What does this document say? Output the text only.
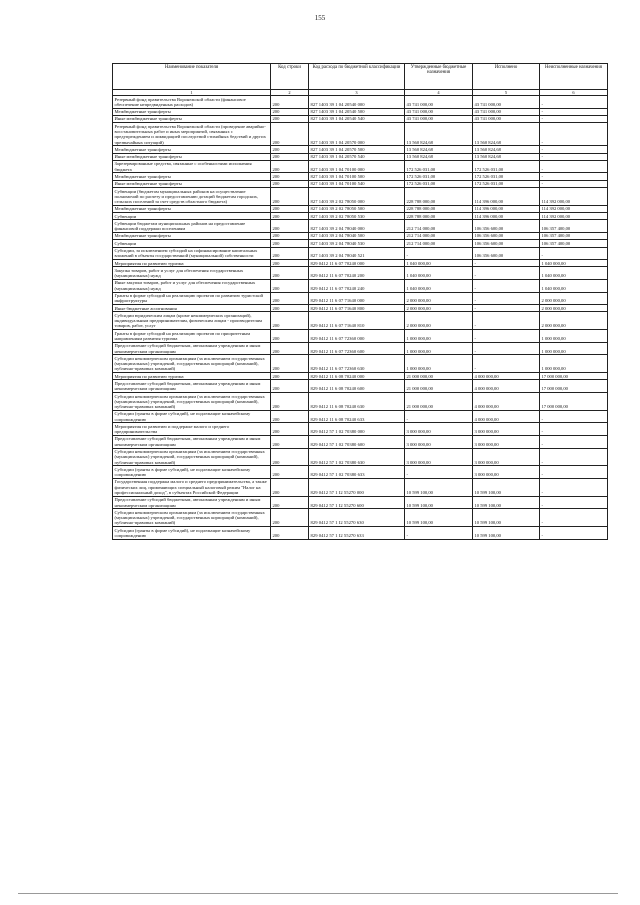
155
Наименование показателя	Код строки	Код расхода по бюджетной классификации	Утвержденные бюджетные назначения	Исполнено	Неисполненные назначения
1	2	3	4	5	6
Резервный фонд правительства Воронежской области (финансовое обеспечение непредвиденных расходов)	200	827 1403 39 1 04 20540 000	43 741 000,00	43 741 000,00	-
Межбюджетные трансферты	200	827 1403 39 1 04 20540 500	43 741 000,00	43 741 000,00	-
Иные межбюджетные трансферты	200	827 1403 39 1 04 20540 540	43 741 000,00	43 741 000,00	-
Резервный фонд правительства Воронежской области (проведение аварийно-восстановительных работ и иных мероприятий, связанных с предупреждением и ликвидацией последствий стихийных бедствий и других чрезвычайных ситуаций)	200	827 1403 39 1 04 20570 000	13 560 824,68	13 560 824,68	-
Межбюджетные трансферты	200	827 1403 39 1 04 20570 500	13 560 824,68	13 560 824,68	-
Иные межбюджетные трансферты	200	827 1403 39 1 04 20570 540	13 560 824,68	13 560 824,68	-
Зарезервированные средства, связанные с особенностями исполнения бюджета	200	827 1403 39 1 04 70100 000	172 526 031,00	172 526 031,00	-
Межбюджетные трансферты	200	827 1403 39 1 04 70100 500	172 526 031,00	172 526 031,00	-
Иные межбюджетные трансферты	200	827 1403 39 1 04 70100 540	172 526 031,00	172 526 031,00	-
Субвенции (бюджетам муниципальных районов на осуществление полномочий по расчету и предоставлению дотаций бюджетам городских, сельских поселений за счет средств областного бюджета)	200	827 1403 39 2 02 78050 000	228 788 000,00	114 396 000,00	114 392 000,00
Межбюджетные трансферты	200	827 1403 39 2 02 78050 500	228 788 000,00	114 396 000,00	114 392 000,00
Субвенции	200	827 1403 39 2 02 78050 530	228 788 000,00	114 396 000,00	114 392 000,00
Субвенции бюджетам муниципальных районов на предоставление финансовой поддержки поселениям	200	827 1403 39 2 04 78040 000	212 714 000,00	106 356 600,00	106 357 400,00
Межбюджетные трансферты	200	827 1403 39 2 04 78040 500	212 714 000,00	106 356 600,00	106 357 400,00
Субвенции	200	827 1403 39 2 04 78040 530	212 714 000,00	106 356 600,00	106 357 400,00
Субсидии, за исключением субсидий на софинансирование капитальных вложений в объекты государственной (муниципальной) собственности	200	827 1403 39 2 04 78040 521	-	106 356 600,00	-
Мероприятия по развитию туризма	200	829 0412 11 6 07 70240 000	1 040 000,00	-	1 040 000,00
Закупка товаров, работ и услуг для обеспечения государственных (муниципальных) нужд	200	829 0412 11 6 07 70240 200	1 040 000,00	-	1 040 000,00
Иные закупки товаров, работ и услуг для обеспечения государственных (муниципальных) нужд	200	829 0412 11 6 07 70240 240	1 040 000,00	-	1 040 000,00
Гранты в форме субсидий на реализацию проектов по развитию туристской инфраструктуры	200	829 0412 11 6 07 71640 000	2 000 000,00	-	2 000 000,00
Иные бюджетные ассигнования	200	829 0412 11 6 07 71640 800	2 000 000,00	-	2 000 000,00
Субсидии юридическим лицам (кроме некоммерческих организаций), индивидуальным предпринимателям, физическим лицам - производителям товаров, работ, услуг	200	829 0412 11 6 07 71640 810	2 000 000,00	-	2 000 000,00
Гранты в форме субсидий на реализацию проектов по приоритетным направлениям развития туризма	200	829 0412 11 6 07 72360 000	1 000 000,00	-	1 000 000,00
Предоставление субсидий бюджетным, автономным учреждениям и иным некоммерческим организациям	200	829 0412 11 6 07 72360 600	1 000 000,00	-	1 000 000,00
Субсидии некоммерческим организациям (за исключением государственных (муниципальных) учреждений, государственных корпораций (компаний), публично-правовых компаний)	200	829 0412 11 6 07 72360 630	1 000 000,00	-	1 000 000,00
Мероприятия по развитию туризма	200	829 0412 11 6 08 70240 000	21 000 000,00	4 000 000,00	17 000 000,00
Предоставление субсидий бюджетным, автономным учреждениям и иным некоммерческим организациям	200	829 0412 11 6 08 70240 600	21 000 000,00	4 000 000,00	17 000 000,00
Субсидии некоммерческим организациям (за исключением государственных (муниципальных) учреждений, государственных корпораций (компаний), публично-правовых компаний)	200	829 0412 11 6 08 70240 630	21 000 000,00	4 000 000,00	17 000 000,00
Субсидии (гранты в форме субсидий), не подлежащие казначейскому сопровождению	200	829 0412 11 6 08 70240 633	-	4 000 000,00	-
Мероприятия по развитию и поддержке малого и среднего предпринимательства	200	829 0412 57 1 02 70380 000	3 000 000,00	3 000 000,00	-
Предоставление субсидий бюджетным, автономным учреждениям и иным некоммерческим организациям	200	829 0412 57 1 02 70380 600	3 000 000,00	3 000 000,00	-
Субсидии некоммерческим организациям (за исключением государственных (муниципальных) учреждений, государственных корпораций (компаний), публично-правовых компаний)	200	829 0412 57 1 02 70380 630	3 000 000,00	3 000 000,00	-
Субсидии (гранты в форме субсидий), не подлежащие казначейскому сопровождению	200	829 0412 57 1 02 70380 633	-	3 000 000,00	-
Государственная поддержка малого и среднего предпринимательства, а также физических лиц, применяющих специальный налоговый режим "Налог на профессиональный доход", в субъектах Российской Федерации	200	829 0412 57 1 I2 55270 000	10 599 100,00	10 599 100,00	-
Предоставление субсидий бюджетным, автономным учреждениям и иным некоммерческим организациям	200	829 0412 57 1 I2 55270 600	10 599 100,00	10 599 100,00	-
Субсидии некоммерческим организациям (за исключением государственных (муниципальных) учреждений, государственных корпораций (компаний), публично-правовых компаний)	200	829 0412 57 1 I2 55270 630	10 599 100,00	10 599 100,00	-
Субсидии (гранты в форме субсидий), не подлежащие казначейскому сопровождению	200	829 0412 57 1 I2 55270 633	-	10 599 100,00	-
